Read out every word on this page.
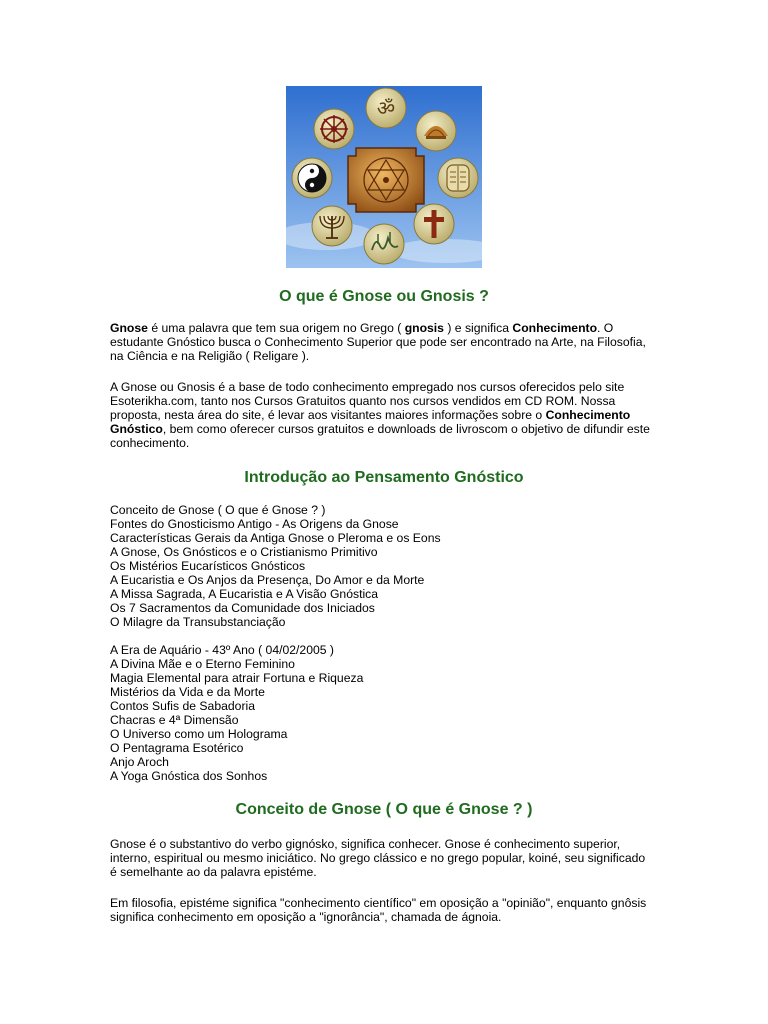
ॐ
O que é Gnose ou Gnosis ?

Gnose é uma palavra que tem sua origem no Grego ( gnosis ) e significa Conhecimento. O estudante Gnóstico busca o Conhecimento Superior que pode ser encontrado na Arte, na Filosofia, na Ciência e na Religião ( Religare ).

A Gnose ou Gnosis é a base de todo conhecimento empregado nos cursos oferecidos pelo site Esoterikha.com, tanto nos Cursos Gratuitos quanto nos cursos vendidos em CD ROM. Nossa proposta, nesta área do site, é levar aos visitantes maiores informações sobre o Conhecimento Gnóstico, bem como oferecer cursos gratuitos e downloads de livroscom o objetivo de difundir este conhecimento.

Introdução ao Pensamento Gnóstico
Conceito de Gnose ( O que é Gnose ? )
Fontes do Gnosticismo Antigo - As Origens da Gnose
Características Gerais da Antiga Gnose o Pleroma e os Eons
A Gnose, Os Gnósticos e o Cristianismo Primitivo
Os Mistérios Eucarísticos Gnósticos
A Eucaristia e Os Anjos da Presença, Do Amor e da Morte
A Missa Sagrada, A Eucaristia e A Visão Gnóstica
Os 7 Sacramentos da Comunidade dos Iniciados
O Milagre da Transubstanciação
A Era de Aquário - 43º Ano ( 04/02/2005 )
A Divina Mãe e o Eterno Feminino
Magia Elemental para atrair Fortuna e Riqueza
Mistérios da Vida e da Morte
Contos Sufis de Sabadoria
Chacras e 4ª Dimensão
O Universo como um Holograma
O Pentagrama Esotérico
Anjo Aroch
A Yoga Gnóstica dos Sonhos
Conceito de Gnose ( O que é Gnose ? )

Gnose é o substantivo do verbo gignósko, significa conhecer. Gnose é conhecimento superior, interno, espiritual ou mesmo iniciático. No grego clássico e no grego popular, koiné, seu significado é semelhante ao da palavra epistéme.

Em filosofia, epistéme significa "conhecimento científico" em oposição a "opinião", enquanto gnôsis significa conhecimento em oposição a "ignorância", chamada de ágnoia.
